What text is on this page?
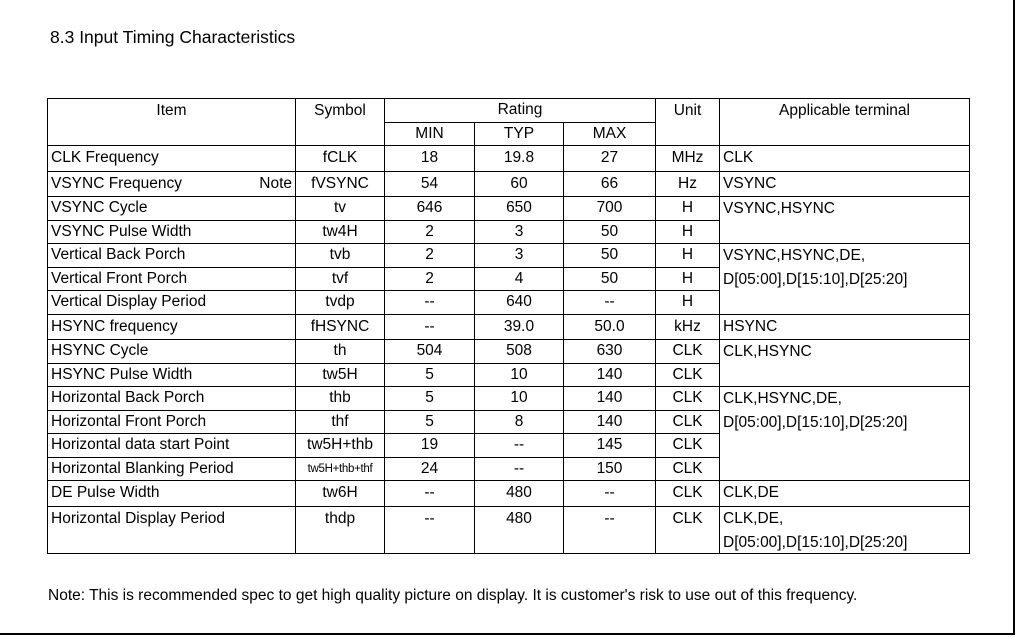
8.3 Input Timing Characteristics
Item	Symbol	Rating			Unit	Applicable terminal
		MIN	TYP	MAX		
CLK Frequency	fCLK	18	19.8	27	MHz	CLK
VSYNC Frequency Note	fVSYNC	54	60	66	Hz	VSYNC
VSYNC Cycle	tv	646	650	700	H	VSYNC,HSYNC
VSYNC Pulse Width	tw4H	2	3	50	H	
Vertical Back Porch	tvb	2	3	50	H	VSYNC,HSYNC,DE,
D[05:00],D[15:10],D[25:20]

Vertical Front Porch	tvf	2	4	50	H	
Vertical Display Period	tvdp	--	640	--	H	
HSYNC frequency	fHSYNC	--	39.0	50.0	kHz	HSYNC
HSYNC Cycle	th	504	508	630	CLK	CLK,HSYNC
HSYNC Pulse Width	tw5H	5	10	140	CLK	
Horizontal Back Porch	thb	5	10	140	CLK	CLK,HSYNC,DE,
D[05:00],D[15:10],D[25:20]

Horizontal Front Porch	thf	5	8	140	CLK	
Horizontal data start Point	tw5H+thb	19	--	145	CLK	
Horizontal Blanking Period	tw5H+thb+thf	24	--	150	CLK	
DE Pulse Width	tw6H	--	480	--	CLK	CLK,DE
Horizontal Display Period	thdp	--	480	--	CLK	CLK,DE,
D[05:00],D[15:10],D[25:20]

Note: This is recommended spec to get high quality picture on display. It is customer's risk to use out of this frequency.
